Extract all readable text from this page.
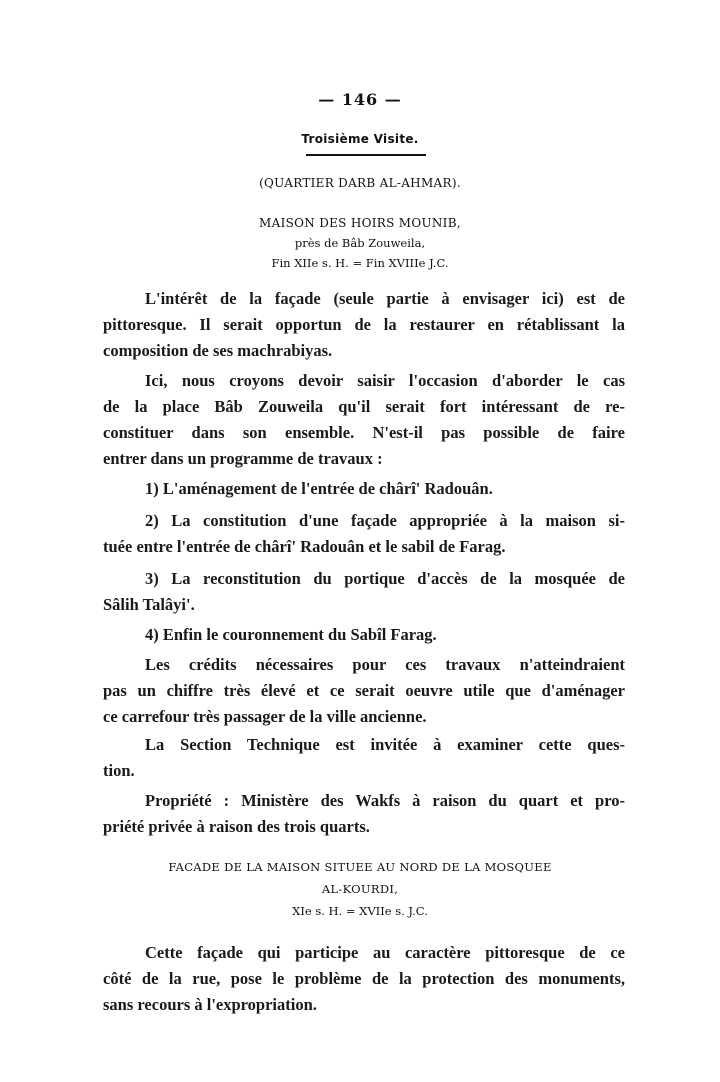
— 146 —
Troisième Visite.
(QUARTIER DARB AL-AHMAR).
MAISON DES HOIRS MOUNIB,
près de Bâb Zouweila,
Fin XIIe s. H. = Fin XVIIIe J.C.
L'intérêt de la façade (seule partie à envisager ici) est de
pittoresque. Il serait opportun de la restaurer en rétablissant la
composition de ses machrabiyas.
Ici, nous croyons devoir saisir l'occasion d'aborder le cas
de la place Bâb Zouweila qu'il serait fort intéressant de re-
constituer dans son ensemble. N'est-il pas possible de faire
entrer dans un programme de travaux :
1) L'aménagement de l'entrée de chârî' Radouân.
2) La constitution d'une façade appropriée à la maison si-
tuée entre l'entrée de chârî' Radouân et le sabil de Farag.
3) La reconstitution du portique d'accès de la mosquée de
Sâlih Talâyi'.
4) Enfin le couronnement du Sabîl Farag.
Les crédits nécessaires pour ces travaux n'atteindraient
pas un chiffre très élevé et ce serait oeuvre utile que d'aménager
ce carrefour très passager de la ville ancienne.
La Section Technique est invitée à examiner cette ques-
tion.
Propriété : Ministère des Wakfs à raison du quart et pro-
priété privée à raison des trois quarts.
FACADE DE LA MAISON SITUEE AU NORD DE LA MOSQUEE
AL-KOURDI,
XIe s. H. = XVIIe s. J.C.
Cette façade qui participe au caractère pittoresque de ce
côté de la rue, pose le problème de la protection des monuments,
sans recours à l'expropriation.
